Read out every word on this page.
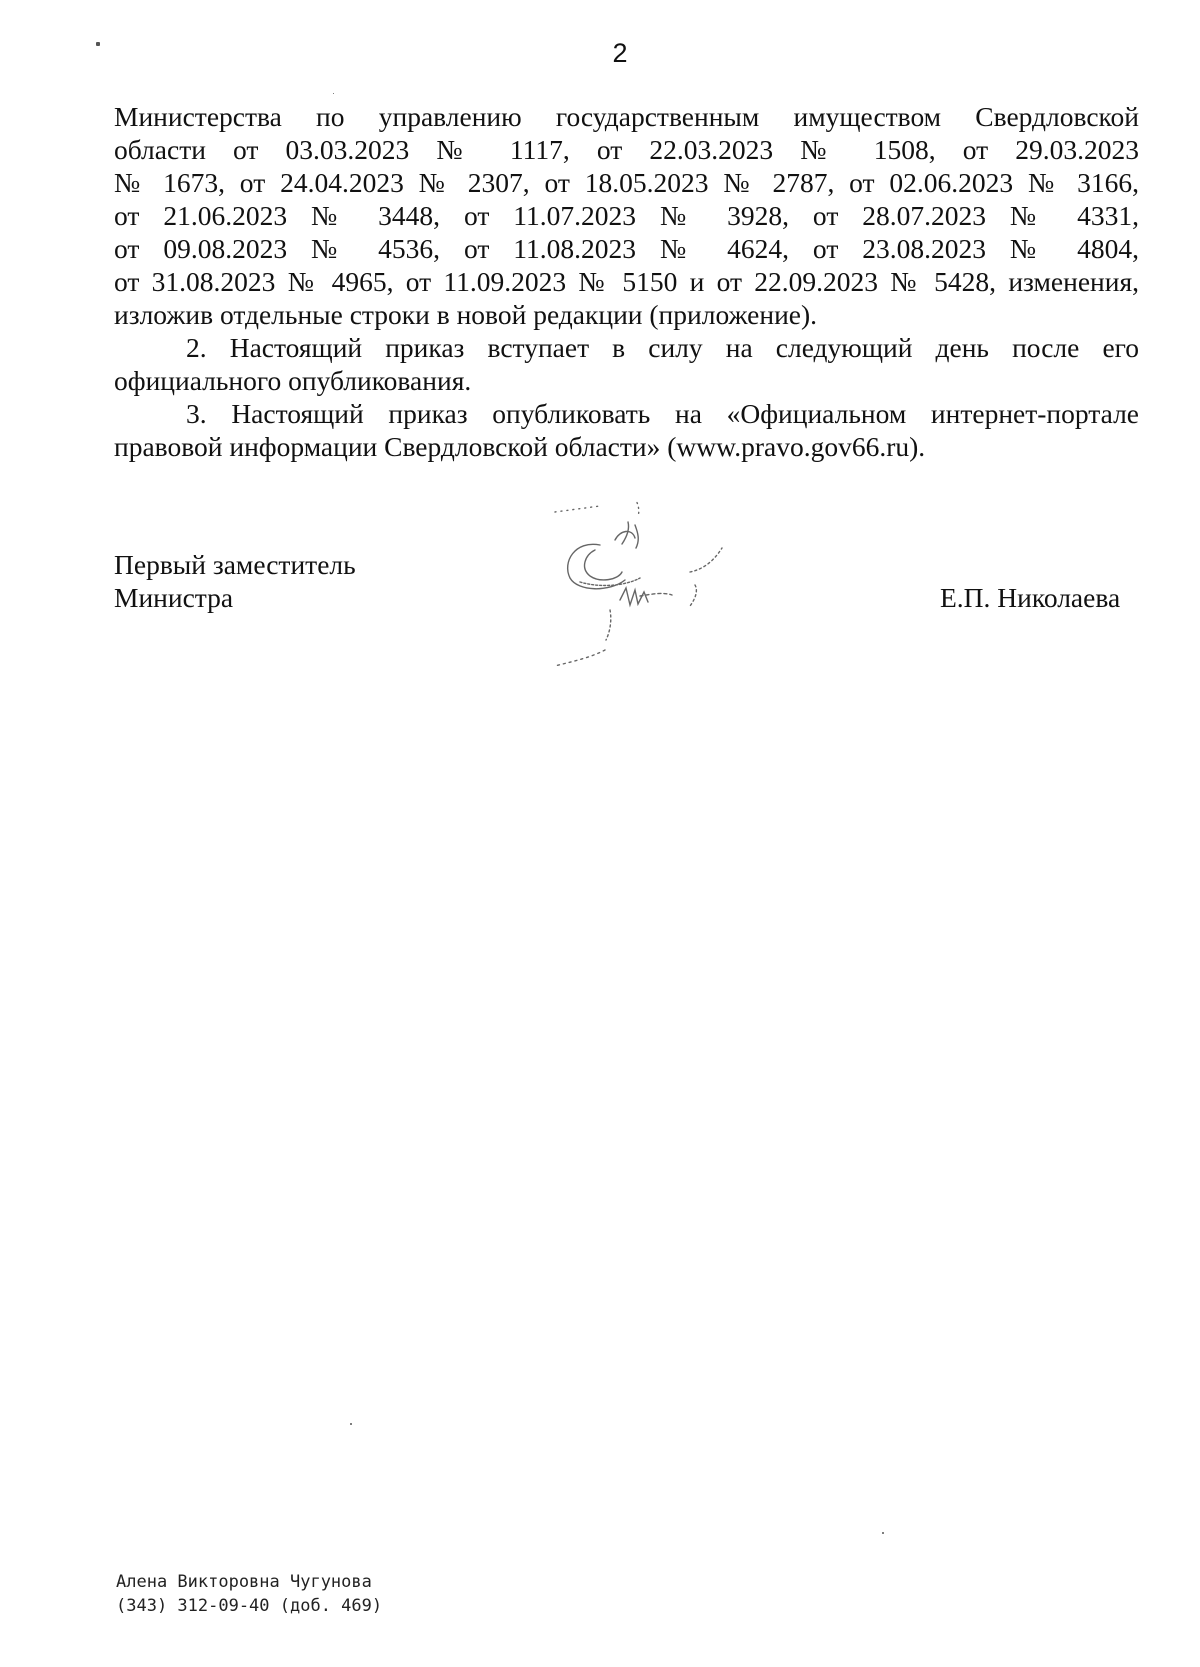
2
Министерства по управлению государственным имуществом Свердловской
области от 03.03.2023 № 1117, от 22.03.2023 № 1508, от 29.03.2023
№ 1673, от 24.04.2023 № 2307, от 18.05.2023 № 2787, от 02.06.2023 № 3166,
от 21.06.2023 № 3448, от 11.07.2023 № 3928, от 28.07.2023 № 4331,
от 09.08.2023 № 4536, от 11.08.2023 № 4624, от 23.08.2023 № 4804,
от 31.08.2023 № 4965, от 11.09.2023 № 5150 и от 22.09.2023 № 5428, изменения,
изложив отдельные строки в новой редакции (приложение).
2. Настоящий приказ вступает в силу на следующий день после его
официального опубликования.
3. Настоящий приказ опубликовать на «Официальном интернет-портале
правовой информации Свердловской области» (www.pravo.gov66.ru).
Первый заместитель
Министра	Е.П. Николаева
Алена Викторовна Чугунова
(343) 312-09-40 (доб. 469)
